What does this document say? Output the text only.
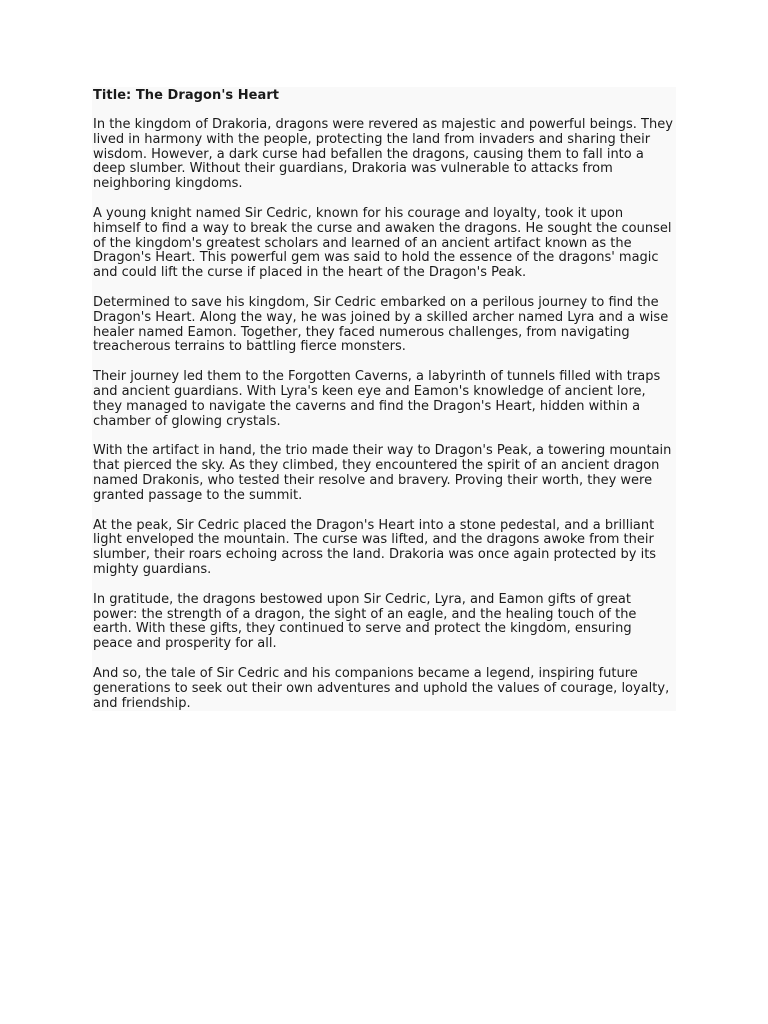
Title: The Dragon's Heart

In the kingdom of Drakoria, dragons were revered as majestic and powerful beings. They lived in harmony with the people, protecting the land from invaders and sharing their wisdom. However, a dark curse had befallen the dragons, causing them to fall into a deep slumber. Without their guardians, Drakoria was vulnerable to attacks from neighboring kingdoms.

A young knight named Sir Cedric, known for his courage and loyalty, took it upon himself to find a way to break the curse and awaken the dragons. He sought the counsel of the kingdom's greatest scholars and learned of an ancient artifact known as the Dragon's Heart. This powerful gem was said to hold the essence of the dragons' magic and could lift the curse if placed in the heart of the Dragon's Peak.

Determined to save his kingdom, Sir Cedric embarked on a perilous journey to find the Dragon's Heart. Along the way, he was joined by a skilled archer named Lyra and a wise healer named Eamon. Together, they faced numerous challenges, from navigating treacherous terrains to battling fierce monsters.

Their journey led them to the Forgotten Caverns, a labyrinth of tunnels filled with traps and ancient guardians. With Lyra's keen eye and Eamon's knowledge of ancient lore, they managed to navigate the caverns and find the Dragon's Heart, hidden within a chamber of glowing crystals.

With the artifact in hand, the trio made their way to Dragon's Peak, a towering mountain that pierced the sky. As they climbed, they encountered the spirit of an ancient dragon named Drakonis, who tested their resolve and bravery. Proving their worth, they were granted passage to the summit.

At the peak, Sir Cedric placed the Dragon's Heart into a stone pedestal, and a brilliant light enveloped the mountain. The curse was lifted, and the dragons awoke from their slumber, their roars echoing across the land. Drakoria was once again protected by its mighty guardians.

In gratitude, the dragons bestowed upon Sir Cedric, Lyra, and Eamon gifts of great power: the strength of a dragon, the sight of an eagle, and the healing touch of the earth. With these gifts, they continued to serve and protect the kingdom, ensuring peace and prosperity for all.

And so, the tale of Sir Cedric and his companions became a legend, inspiring future generations to seek out their own adventures and uphold the values of courage, loyalty, and friendship.
